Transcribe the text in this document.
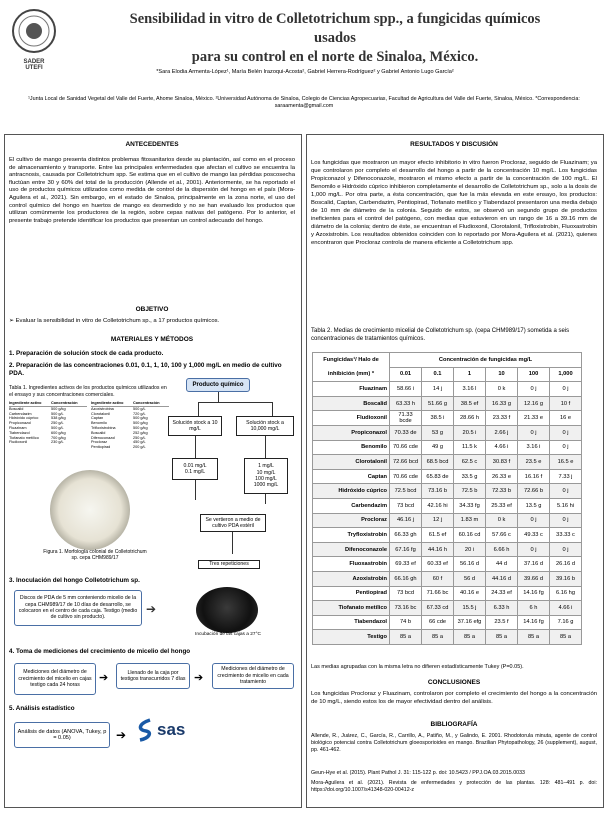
SADER
UTEFI
Sensibilidad in vitro de Colletotrichum spp., a fungicidas químicos usados
para su control en el norte de Sinaloa, México.
*Sara Elodia Armenta-López¹, María Belén Irazoqui-Acosta², Gabriel Herrera-Rodríguez² y Gabriel Antonio Lugo García²
¹Junta Local de Sanidad Vegetal del Valle del Fuerte, Ahome Sinaloa, México. ²Universidad Autónoma de Sinaloa, Colegio de Ciencias Agropecuarias, Facultad de Agricultura del Valle del Fuerte, Sinaloa, México. *Correspondencia: saraamenta@gmail.com
ANTECEDENTES
El cultivo de mango presenta distintos problemas fitosanitarios desde su plantación, así como en el proceso de almacenamiento y transporte. Entre las principales enfermedades que afectan el cultivo se encuentra la antracnosis, causada por Colletotrichum spp. Se estima que en el cultivo de mango las pérdidas poscosecha fluctúan entre 30 y 60% del total de la producción (Allende et al., 2001). Anteriormente, se ha reportado el uso de productos químicos utilizados como medida de control de la dispersión del hongo en el país (Mora-Aguilera et al., 2021). Sin embargo, en el estado de Sinaloa, principalmente en la zona norte, el uso del control químico del hongo en huertos de mango es desmedido y no se han evaluado los productos que utilizan comúnmente los productores de la región, sobre cepas nativas del patógeno. Por lo anterior, el presente trabajo pretende identificar los productos que presentan un control adecuado del hongo.
OBJETIVO
➢ Evaluar la sensibilidad in vitro de Colletotrichum sp., a 17 productos químicos.
MATERIALES Y MÉTODOS
1. Preparación de solución stock de cada producto.
2. Preparación de las concentraciones 0.01, 0.1, 1, 10, 100 y 1,000 mg/L en medio de cultivo PDA.
Tabla 1. Ingredientes activos de los productos químicos utilizados en el ensayo y sus concentraciones comerciales.
Ingrediente activo	Concentración
Boscalid	500 g/kg
Carbendazim	500 g/L
Hidróxido cúprico	538 g/kg
Propiconazol	250 g/L
Fluazinam	500 g/L
Tiabendazol	600 g/kg
Tiofanato metílico	700 g/kg
Fludioxonil	230 g/L
Ingrediente activo	Concentración
Azoxistrobina	500 g/L
Clorotalonil	720 g/L
Captan	500 g/kg
Benomilo	500 g/kg
Trifloxistrobina	500 g/kg
Boscalid	252 g/kg
Difenoconazol	250 g/L
Procloraz	450 g/L
Pentiopirad	200 g/L
Producto químico
Solución stock a 10 mg/L
Solución stock a 10,000 mg/L
0.01 mg/L
0.1 mg/L
1 mg/L
10 mg/L
100 mg/L
1000 mg/L
Se vertieron a medio de cultivo PDA estéril
Tres repeticiones
Figura 1. Morfología colonial de Colletotrichum sp. cepa CHM989/17
3. Inoculación del hongo Colletotrichum sp.
Discos de PDA de 5 mm conteniendo micelio de la cepa CHM989/17 de 10 días de desarrollo, se colocaron en el centro de cada caja. Testigo (medio de cultivo sin producto).
➔
Incubación de las cajas a 27°C
4. Toma de mediciones del crecimiento de micelio del hongo
Mediciones del diámetro de crecimiento del micelio en cajas testigo cada 24 horas
➔	Llenado de la caja por testigos transcurridos 7 días ➔
Mediciones del diámetro de crecimiento de micelio en cada tratamiento
5. Análisis estadístico
Análisis de datos (ANOVA, Tukey, p = 0.05)	➔ sas
RESULTADOS Y DISCUSIÓN
Los fungicidas que mostraron un mayor efecto inhibitorio in vitro fueron Procloraz, seguido de Fluazinam; ya que controlaron por completo el desarrollo del hongo a partir de la concentración 10 mg/L. Los fungicidas Propiconazol y Difenoconazole, mostraron el mismo efecto a partir de la concentración de 100 mg/L. El Benomilo e Hidróxido cúprico inhibieron completamente el desarrollo de Colletotrichum sp., solo a la dosis de 1,000 mg/L. Por otra parte, a ésta concentración, que fue la más elevada en este ensayo, los productos: Boscalid, Captan, Carbendazim, Pentiopirad, Tiofanato metílico y Tiabendazol presentaron una media debajo de 10 mm de diámetro de la colonia. Seguido de estos, se observó un segundo grupo de productos ineficientes para el control del patógeno, con medias que estuvieron en un rango de 16 a 39.16 mm de diámetro de la colonia; dentro de éste, se encuentran el Fludioxonil, Clorotalonil, Trifloxistrobin, Fluoxastrobin y Azoxistrobin. Los resultados obtenidos coinciden con lo reportado por Mora-Aguilera et al. (2021), quienes encontraron que Procloraz controla de manera eficiente a Colletotrichum spp.
Tabla 2. Medias de crecimiento micelial de Colletotrichum sp. (cepa CHM989/17) sometida a seis concentraciones de tratamientos químicos.
Fungicidas¹/ Halo de	Concentración de fungicidas mg/L					
inhibición (mm) *	0.01	0.1	1	10	100	1,000
Fluazinam	58.66 i	14 j	3.16 l	0 k	0 j	0 j
Boscalid	63.33 h	51.66 g	38.5 ef	16.33 g	12.16 g	10 f
Fludioxonil	71.33 bcde	38.5 i	28.66 h	23.33 f	21.33 e	16 e
Propiconazol	70.33 de	53 g	20.5 i	2.66 j	0 j	0 j
Benomilo	70.66 cde	49 g	11.5 k	4.66 i	3.16 i	0 j
Clorotalonil	72.66 bcd	68.5 bcd	62.5 c	30.83 f	23.5 e	16.5 e
Captan	70.66 cde	65.83 de	33.5 g	26.33 e	16.16 f	7.33 j
Hidróxido cúprico	72.5 bcd	73.16 b	72.5 b	72.33 b	72.66 b	0 j
Carbendazim	73 bcd	42.16 hi	34.33 fg	25.33 ef	13.5 g	5.16 hi
Procloraz	46.16 j	12 j	1.83 m	0 k	0 j	0 j
Tryfloxistrobin	66.33 gh	61.5 ef	60.16 cd	57.66 c	49.33 c	33.33 c
Difenoconazole	67.16 fg	44.16 h	20 i	6.66 h	0 j	0 j
Fluoxastrobin	69.33 ef	60.33 ef	56.16 d	44 d	37.16 d	26.16 d
Azoxistrobin	66.16 gh	60 f	56 d	44.16 d	39.66 d	39.16 b
Pentiopirad	73 bcd	71.66 bc	40.16 e	24.33 ef	14.16 fg	6.16 hg
Tiofanato metílico	73.16 bc	67.33 cd	15.5 j	6.33 h	6 h	4.66 i
Tiabendazol	74 b	66 cde	37.16 efg	23.5 f	14.16 fg	7.16 g
Testigo	85 a	85 a	85 a	85 a	85 a	85 a
Las medias agrupadas con la misma letra no difieren estadísticamente Tukey (P=0.05).
CONCLUSIONES
Los fungicidas Procloraz y Fluazinam, controlaron por completo el crecimiento del hongo a la concentración de 10 mg/L, siendo estos los de mayor efectividad dentro del análisis.
BIBLIOGRAFÍA
Allende, R., Juárez, C., García, R., Carrillo, A., Patiño, M., y Galindo, E. 2001. Rhodotorula minuta, agente de control biológico potencial contra Colletotrichum gloeosporioides en mango. Brazilian Phytopathology, 26 (supplement), august, pp. 461-462.
Geun-Hye et al. (2015). Plant Pathol J. 31: 115-122 p. doi: 10.5423 / PPJ.OA.03.2015.0033
Mora-Aguilera et al. (2021). Revista de enfermedades y protección de las plantas. 128: 481–491 p. doi: https://doi.org/10.1007/s41348-020-00412-z
